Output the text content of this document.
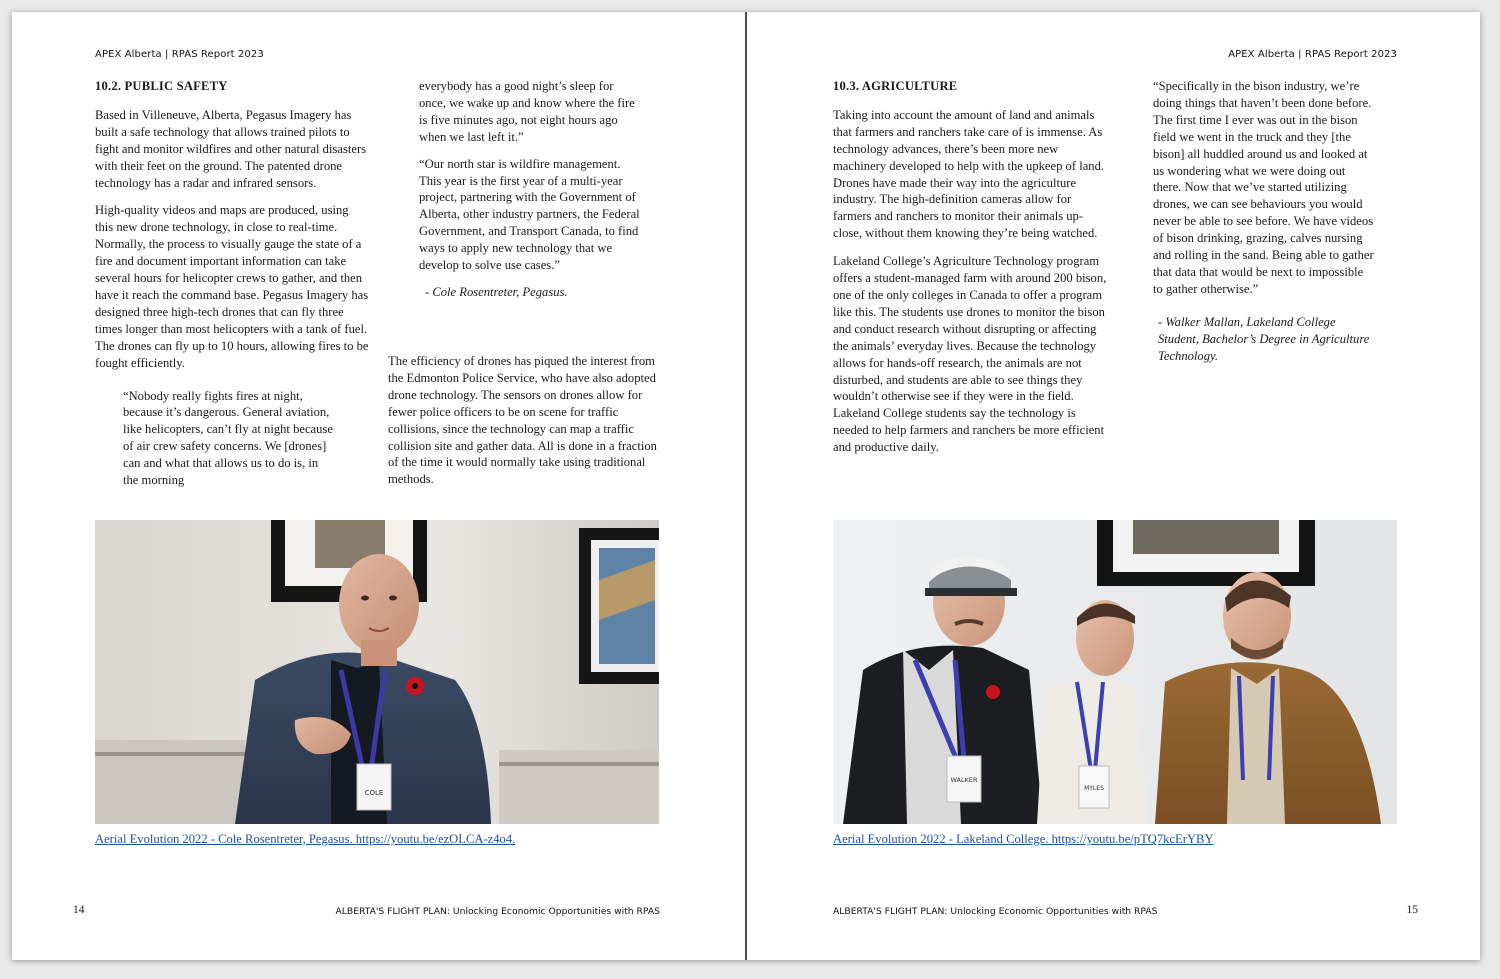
APEX Alberta | RPAS Report 2023
10.2. PUBLIC SAFETY

Based in Villeneuve, Alberta, Pegasus Imagery has built a safe technology that allows trained pilots to fight and monitor wildfires and other natural disasters with their feet on the ground. The patented drone technology has a radar and infrared sensors.

High-quality videos and maps are produced, using this new drone technology, in close to real-time. Normally, the process to visually gauge the state of a fire and document important information can take several hours for helicopter crews to gather, and then have it reach the command base. Pegasus Imagery has designed three high-tech drones that can fly three times longer than most helicopters with a tank of fuel. The drones can fly up to 10 hours, allowing fires to be fought efficiently.

“Nobody really fights fires at night, because it’s dangerous. General aviation, like helicopters, can’t fly at night because of air crew safety concerns. We [drones] can and what that allows us to do is, in the morning
everybody has a good night’s sleep for once, we wake up and know where the fire is five minutes ago, not eight hours ago when we last left it.”
“Our north star is wildfire management. This year is the first year of a multi-year project, partnering with the Government of Alberta, other industry partners, the Federal Government, and Transport Canada, to find ways to apply new technology that we develop to solve use cases.”
- Cole Rosentreter, Pegasus.

The efficiency of drones has piqued the interest from the Edmonton Police Service, who have also adopted drone technology. The sensors on drones allow for fewer police officers to be on scene for traffic collisions, since the technology can map a traffic collision site and gather data. All is done in a fraction of the time it would normally take using traditional methods.

COLE
Aerial Evolution 2022 - Cole Rosentreter, Pegasus. https://youtu.be/ezOLCA-z4o4.
14	ALBERTA'S FLIGHT PLAN: Unlocking Economic Opportunities with RPAS
APEX Alberta | RPAS Report 2023
10.3. AGRICULTURE

Taking into account the amount of land and animals that farmers and ranchers take care of is immense. As technology advances, there’s been more new machinery developed to help with the upkeep of land. Drones have made their way into the agriculture industry. The high-definition cameras allow for farmers and ranchers to monitor their animals up-close, without them knowing they’re being watched.

Lakeland College’s Agriculture Technology program offers a student-managed farm with around 200 bison, one of the only colleges in Canada to offer a program like this. The students use drones to monitor the bison and conduct research without disrupting or affecting the animals’ everyday lives. Because the technology allows for hands-off research, the animals are not disturbed, and students are able to see things they wouldn’t otherwise see if they were in the field. Lakeland College students say the technology is needed to help farmers and ranchers be more efficient and productive daily.

“Specifically in the bison industry, we’re doing things that haven’t been done before. The first time I ever was out in the bison field we went in the truck and they [the bison] all huddled around us and looked at us wondering what we were doing out there. Now that we’ve started utilizing drones, we can see behaviours you would never be able to see before. We have videos of bison drinking, grazing, calves nursing and rolling in the sand. Being able to gather that data that would be next to impossible to gather otherwise.”
- Walker Mallan, Lakeland College Student, Bachelor’s Degree in Agriculture Technology.
WALKER
MYLES
Aerial Evolution 2022 - Lakeland College. https://youtu.be/pTQ7kcErYBY
ALBERTA'S FLIGHT PLAN: Unlocking Economic Opportunities with RPAS	15
